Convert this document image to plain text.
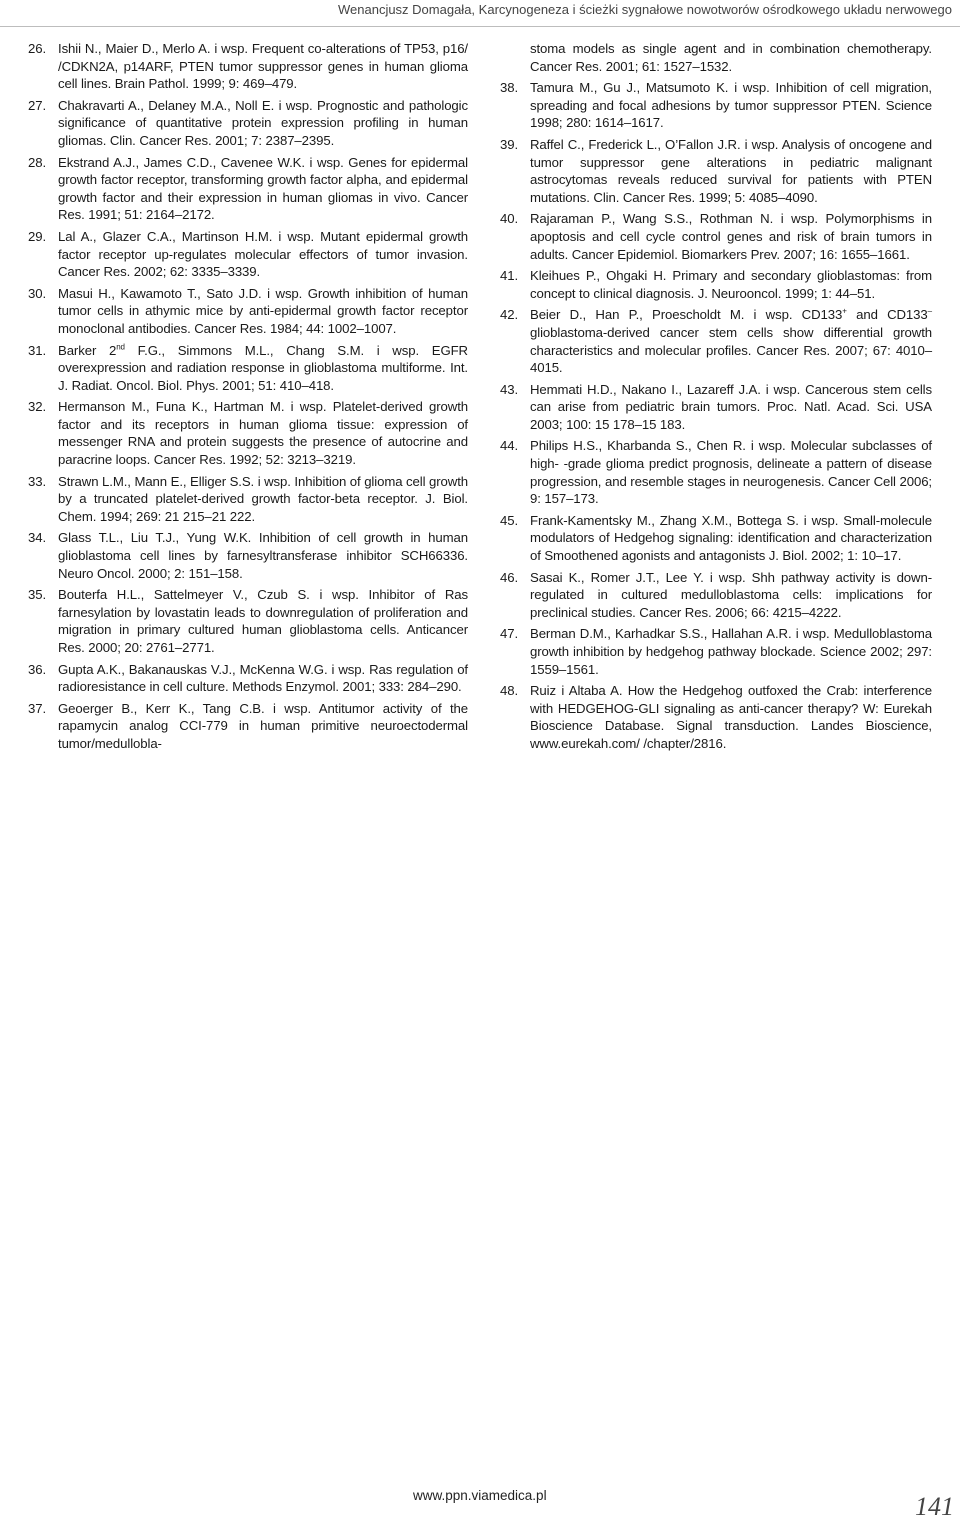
Wenancjusz Domagała, Karcynogeneza i ścieżki sygnałowe nowotworów ośrodkowego układu nerwowego
26. Ishii N., Maier D., Merlo A. i wsp. Frequent co-alterations of TP53, p16/ /CDKN2A, p14ARF, PTEN tumor suppressor genes in human glioma cell lines. Brain Pathol. 1999; 9: 469–479.
27. Chakravarti A., Delaney M.A., Noll E. i wsp. Prognostic and pathologic significance of quantitative protein expression profiling in human gliomas. Clin. Cancer Res. 2001; 7: 2387–2395.
28. Ekstrand A.J., James C.D., Cavenee W.K. i wsp. Genes for epidermal growth factor receptor, transforming growth factor alpha, and epidermal growth factor and their expression in human gliomas in vivo. Cancer Res. 1991; 51: 2164–2172.
29. Lal A., Glazer C.A., Martinson H.M. i wsp. Mutant epidermal growth factor receptor up-regulates molecular effectors of tumor invasion. Cancer Res. 2002; 62: 3335–3339.
30. Masui H., Kawamoto T., Sato J.D. i wsp. Growth inhibition of human tumor cells in athymic mice by anti-epidermal growth factor receptor monoclonal antibodies. Cancer Res. 1984; 44: 1002–1007.
31. Barker 2nd F.G., Simmons M.L., Chang S.M. i wsp. EGFR overexpression and radiation response in glioblastoma multiforme. Int. J. Radiat. Oncol. Biol. Phys. 2001; 51: 410–418.
32. Hermanson M., Funa K., Hartman M. i wsp. Platelet-derived growth factor and its receptors in human glioma tissue: expression of messenger RNA and protein suggests the presence of autocrine and paracrine loops. Cancer Res. 1992; 52: 3213–3219.
33. Strawn L.M., Mann E., Elliger S.S. i wsp. Inhibition of glioma cell growth by a truncated platelet-derived growth factor-beta receptor. J. Biol. Chem. 1994; 269: 21 215–21 222.
34. Glass T.L., Liu T.J., Yung W.K. Inhibition of cell growth in human glioblastoma cell lines by farnesyltransferase inhibitor SCH66336. Neuro Oncol. 2000; 2: 151–158.
35. Bouterfa H.L., Sattelmeyer V., Czub S. i wsp. Inhibitor of Ras farnesylation by lovastatin leads to downregulation of proliferation and migration in primary cultured human glioblastoma cells. Anticancer Res. 2000; 20: 2761–2771.
36. Gupta A.K., Bakanauskas V.J., McKenna W.G. i wsp. Ras regulation of radioresistance in cell culture. Methods Enzymol. 2001; 333: 284–290.
37. Geoerger B., Kerr K., Tang C.B. i wsp. Antitumor activity of the rapamycin analog CCI-779 in human primitive neuroectodermal tumor/medullobla-
stoma models as single agent and in combination chemotherapy. Cancer Res. 2001; 61: 1527–1532.
38. Tamura M., Gu J., Matsumoto K. i wsp. Inhibition of cell migration, spreading and focal adhesions by tumor suppressor PTEN. Science 1998; 280: 1614–1617.
39. Raffel C., Frederick L., O’Fallon J.R. i wsp. Analysis of oncogene and tumor suppressor gene alterations in pediatric malignant astrocytomas reveals reduced survival for patients with PTEN mutations. Clin. Cancer Res. 1999; 5: 4085–4090.
40. Rajaraman P., Wang S.S., Rothman N. i wsp. Polymorphisms in apoptosis and cell cycle control genes and risk of brain tumors in adults. Cancer Epidemiol. Biomarkers Prev. 2007; 16: 1655–1661.
41. Kleihues P., Ohgaki H. Primary and secondary glioblastomas: from concept to clinical diagnosis. J. Neurooncol. 1999; 1: 44–51.
42. Beier D., Han P., Proescholdt M. i wsp. CD133+ and CD133– glioblastoma-derived cancer stem cells show differential growth characteristics and molecular profiles. Cancer Res. 2007; 67: 4010–4015.
43. Hemmati H.D., Nakano I., Lazareff J.A. i wsp. Cancerous stem cells can arise from pediatric brain tumors. Proc. Natl. Acad. Sci. USA 2003; 100: 15 178–15 183.
44. Philips H.S., Kharbanda S., Chen R. i wsp. Molecular subclasses of high- -grade glioma predict prognosis, delineate a pattern of disease progression, and resemble stages in neurogenesis. Cancer Cell 2006; 9: 157–173.
45. Frank-Kamentsky M., Zhang X.M., Bottega S. i wsp. Small-molecule modulators of Hedgehog signaling: identification and characterization of Smoothened agonists and antagonists J. Biol. 2002; 1: 10–17.
46. Sasai K., Romer J.T., Lee Y. i wsp. Shh pathway activity is down-regulated in cultured medulloblastoma cells: implications for preclinical studies. Cancer Res. 2006; 66: 4215–4222.
47. Berman D.M., Karhadkar S.S., Hallahan A.R. i wsp. Medulloblastoma growth inhibition by hedgehog pathway blockade. Science 2002; 297: 1559–1561.
48. Ruiz i Altaba A. How the Hedgehog outfoxed the Crab: interference with HEDGEHOG-GLI signaling as anti-cancer therapy? W: Eurekah Bioscience Database. Signal transduction. Landes Bioscience, www.eurekah.com/ /chapter/2816.
www.ppn.viamedica.pl	141
